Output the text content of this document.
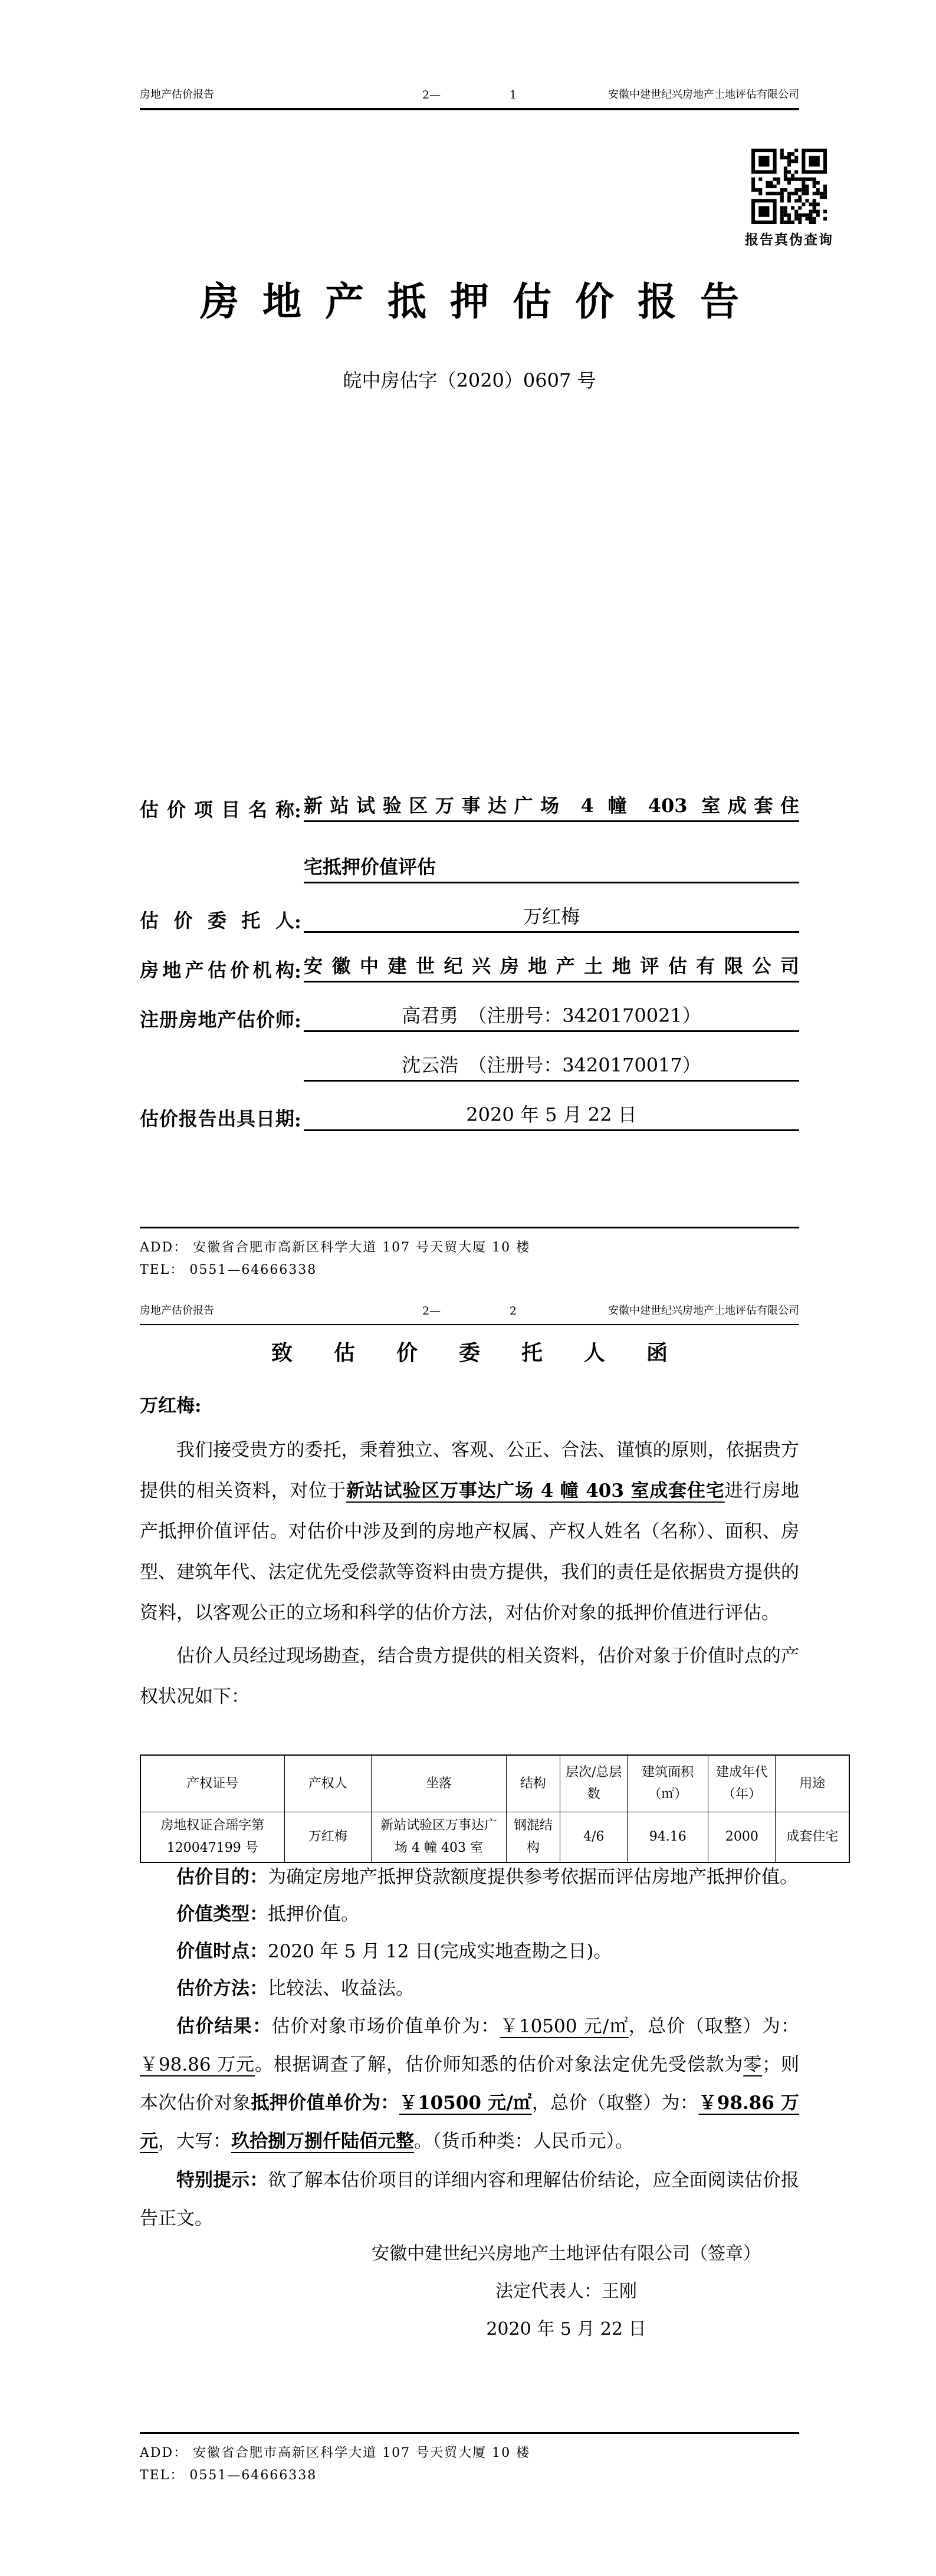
房地产估价报告	2—	1	安徽中建世纪兴房地产土地评估有限公司
报告真伪查询
房地产抵押估价报告
皖中房估字（2020）0607 号
估价项目名称 : 新站试验区万事达广场 4 幢 403 室成套住
宅抵押价值评估
估价委托人 :	万红梅
房地产估价机构 : 安徽中建世纪兴房地产土地评估有限公司
注册房地产估价师 :	高君勇　（注册号：3420170021）
沈云浩　（注册号：3420170017）
估价报告出具日期 :	2020 年 5 月 22 日
ADD： 安徽省合肥市高新区科学大道 107 号天贸大厦 10 楼
TEL： 0551—64666338
房地产估价报告	2—	2	安徽中建世纪兴房地产土地评估有限公司
致估价委托人函
万红梅:
我们接受贵方的委托，秉着独立、客观、公正、合法、谨慎的原则，依据贵方提供的相关资料，对位于新站试验区万事达广场 4 幢 403 室成套住宅进行房地产抵押价值评估。对估价中涉及到的房地产权属、产权人姓名（名称）、面积、房型、建筑年代、法定优先受偿款等资料由贵方提供，我们的责任是依据贵方提供的资料，以客观公正的立场和科学的估价方法，对估价对象的抵押价值进行评估。
估价人员经过现场勘查，结合贵方提供的相关资料，估价对象于价值时点的产权状况如下：
产权证号	产权人	坐落	结构	层次/总层数	建筑面积（㎡）	建成年代（年）	用途
房地权证合瑶字第 120047199 号	万红梅	新站试验区万事达广场 4 幢 403 室	钢混结构	4/6	94.16	2000	成套住宅
估价目的：为确定房地产抵押贷款额度提供参考依据而评估房地产抵押价值。
价值类型：抵押价值。
价值时点：2020 年 5 月 12 日(完成实地查勘之日)。
估价方法：比较法、收益法。
估价结果：估价对象市场价值单价为：￥10500 元/㎡，总价（取整）为：￥98.86 万元。根据调查了解，估价师知悉的估价对象法定优先受偿款为零；则本次估价对象抵押价值单价为：￥10500 元/㎡，总价（取整）为：￥98.86 万元，大写：玖拾捌万捌仟陆佰元整。（货币种类：人民币元）。
特别提示：欲了解本估价项目的详细内容和理解估价结论，应全面阅读估价报告正文。
安徽中建世纪兴房地产土地评估有限公司（签章）
法定代表人：王刚
2020 年 5 月 22 日
ADD： 安徽省合肥市高新区科学大道 107 号天贸大厦 10 楼
TEL： 0551—64666338
